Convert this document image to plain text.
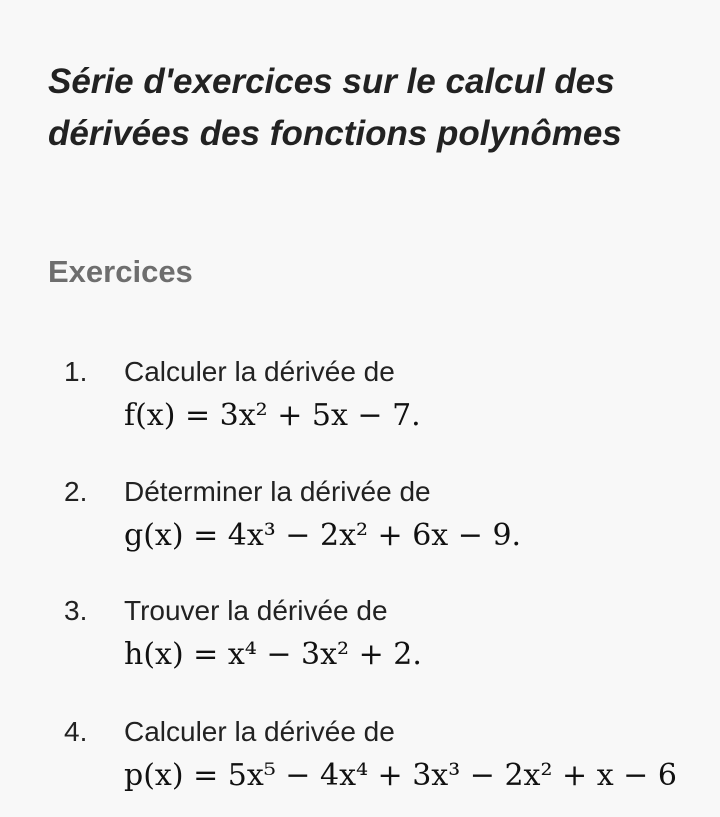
Série d'exercices sur le calcul des dérivées des fonctions polynômes
Exercices
1. Calculer la dérivée de
f(x) = 3x² + 5x − 7.
2. Déterminer la dérivée de
g(x) = 4x³ − 2x² + 6x − 9.
3. Trouver la dérivée de
h(x) = x⁴ − 3x² + 2.
4. Calculer la dérivée de
p(x) = 5x⁵ − 4x⁴ + 3x³ − 2x² + x − 6
